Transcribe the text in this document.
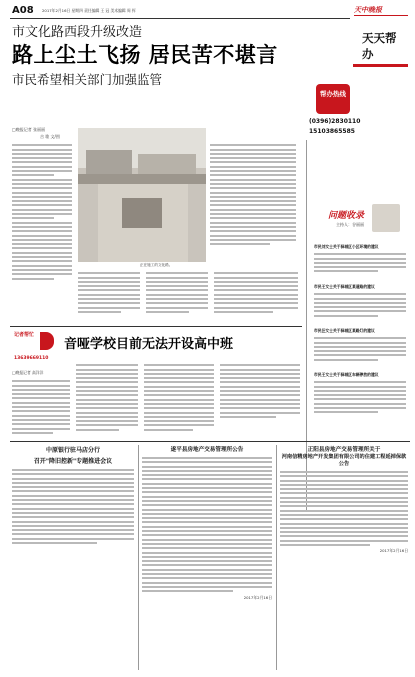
A08 2017年2月16日 星期四 责任编辑 王 冠 美术编辑 周 挥	天中晚报
天天帮办
市文化路西段升级改造
路上尘土飞扬 居民苦不堪言
市民希望相关部门加强监管
帮办热线
(0396)2830110
15103865585
□晚报记者 张丽丽
吉 歌 文/图
正在施工的文化路。
问题收录
主持人：谷丽丽
市民刘女士关于驿城区小区环境的建议
市民王女士关于驿城区某道路的建议
市民汪女士关于驿城区某路灯的建议
市民王女士关于驿城区车辆停放的建议
记者帮忙
13639669110
音哑学校目前无法开设高中班
□晚报记者 高洋洋
中原银行驻马店分行
召开"降旧控新"专题推进会议
遂平县房地产交易管理所公告
2017年2月16日
正阳县房地产交易管理所关于
河南信精房地产开发集团有限公司的住建工程延掉保款公告
2017年2月16日
